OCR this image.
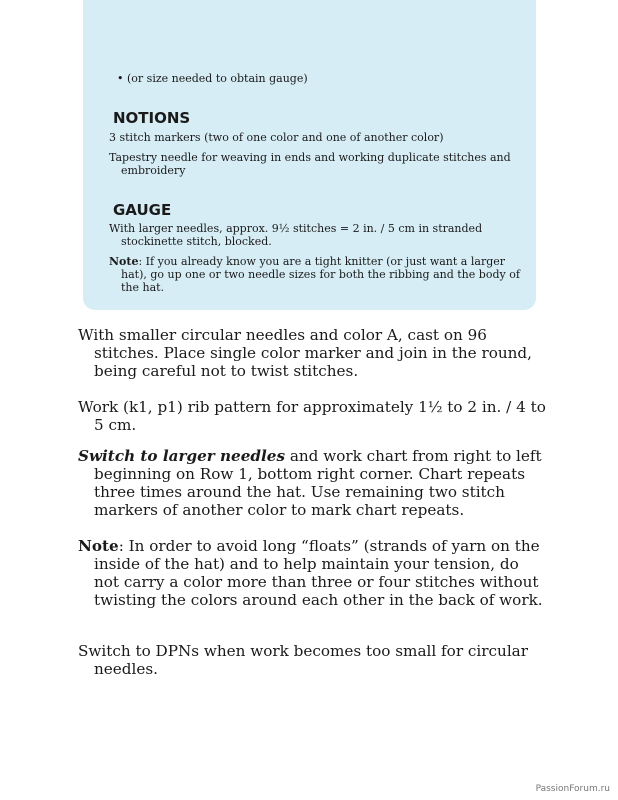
• (or size needed to obtain gauge)
NOTIONS
3 stitch markers (two of one color and one of another color)
Tapestry needle for weaving in ends and working duplicate stitches and embroidery
GAUGE
With larger needles, approx. 9½ stitches = 2 in. / 5 cm in stranded stockinette stitch, blocked.
Note: If you already know you are a tight knitter (or just want a larger hat), go up one or two needle sizes for both the ribbing and the body of the hat.
With smaller circular needles and color A, cast on 96 stitches. Place single color marker and join in the round, being careful not to twist stitches.
Work (k1, p1) rib pattern for approximately 1½ to 2 in. / 4 to 5 cm.
Switch to larger needles and work chart from right to left beginning on Row 1, bottom right corner. Chart repeats three times around the hat. Use remaining two stitch markers of another color to mark chart repeats.
Note: In order to avoid long “floats” (strands of yarn on the inside of the hat) and to help maintain your tension, do not carry a color more than three or four stitches without twisting the colors around each other in the back of work.
Switch to DPNs when work becomes too small for circular needles.
PassionForum.ru
